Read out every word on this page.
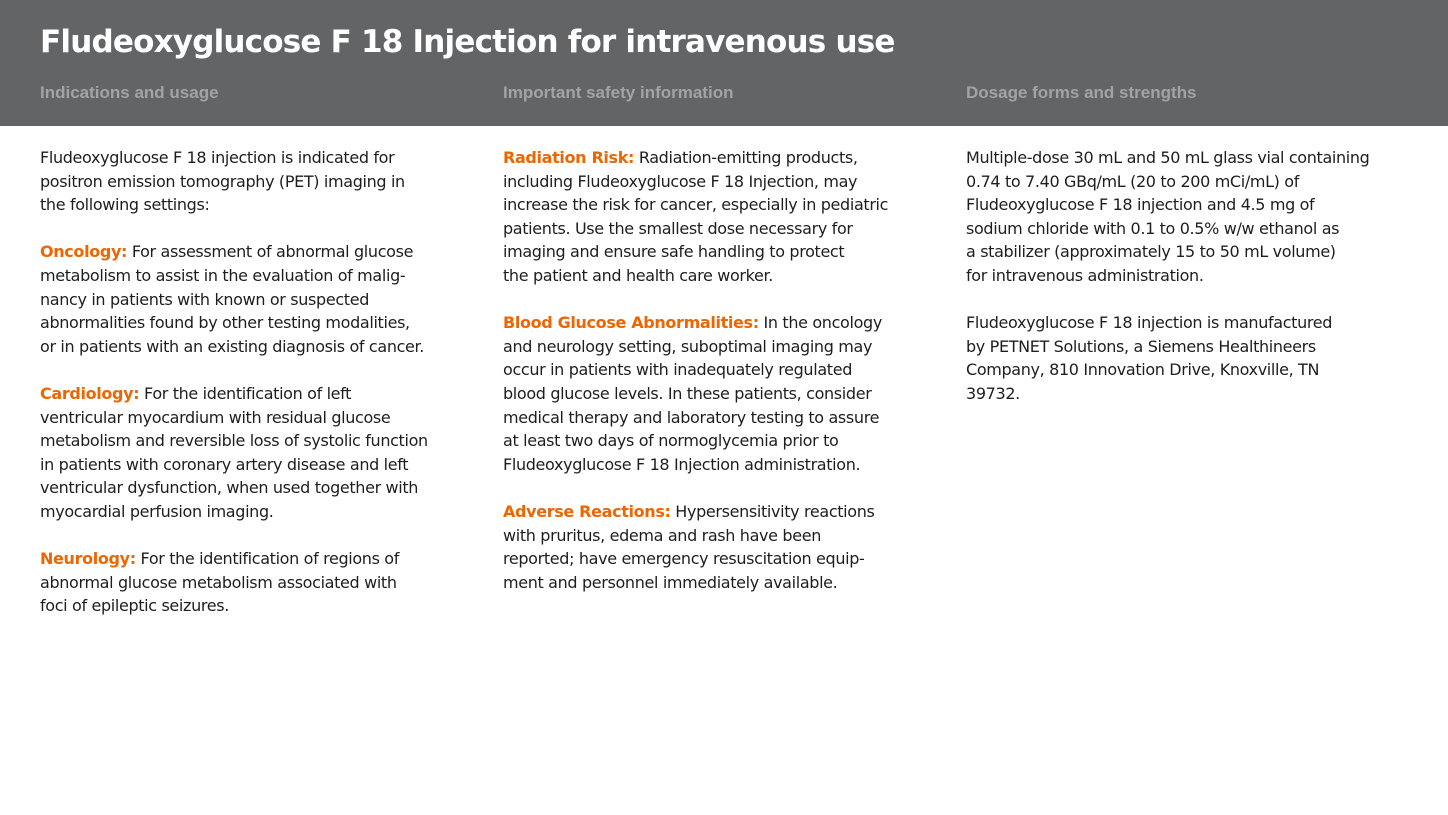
Fludeoxyglucose F 18 Injection for intravenous use
Indications and usage	Important safety information	Dosage forms and strengths

Fludeoxyglucose F 18 injection is indicated for
positron emission tomography (PET) imaging in
the following settings:

Oncology: For assessment of abnormal glucose
metabolism to assist in the evaluation of malig-
nancy in patients with known or suspected
abnormalities found by other testing modalities,
or in patients with an existing diagnosis of cancer.

Cardiology: For the identification of left
ventricular myocardium with residual glucose
metabolism and reversible loss of systolic function
in patients with coronary artery disease and left
ventricular dysfunction, when used together with
myocardial perfusion imaging.

Neurology: For the identification of regions of
abnormal glucose metabolism associated with
foci of epileptic seizures.

Radiation Risk: Radiation-emitting products,
including Fludeoxyglucose F 18 Injection, may
increase the risk for cancer, especially in pediatric
patients. Use the smallest dose necessary for
imaging and ensure safe handling to protect
the patient and health care worker.

Blood Glucose Abnormalities: In the oncology
and neurology setting, suboptimal imaging may
occur in patients with inadequately regulated
blood glucose levels. In these patients, consider
medical therapy and laboratory testing to assure
at least two days of normoglycemia prior to
Fludeoxyglucose F 18 Injection administration.

Adverse Reactions: Hypersensitivity reactions
with pruritus, edema and rash have been
reported; have emergency resuscitation equip-
ment and personnel immediately available.

Multiple-dose 30 mL and 50 mL glass vial containing
0.74 to 7.40 GBq/mL (20 to 200 mCi/mL) of
Fludeoxyglucose F 18 injection and 4.5 mg of
sodium chloride with 0.1 to 0.5% w/w ethanol as
a stabilizer (approximately 15 to 50 mL volume)
for intravenous administration.

Fludeoxyglucose F 18 injection is manufactured
by PETNET Solutions, a Siemens Healthineers
Company, 810 Innovation Drive, Knoxville, TN
39732.
